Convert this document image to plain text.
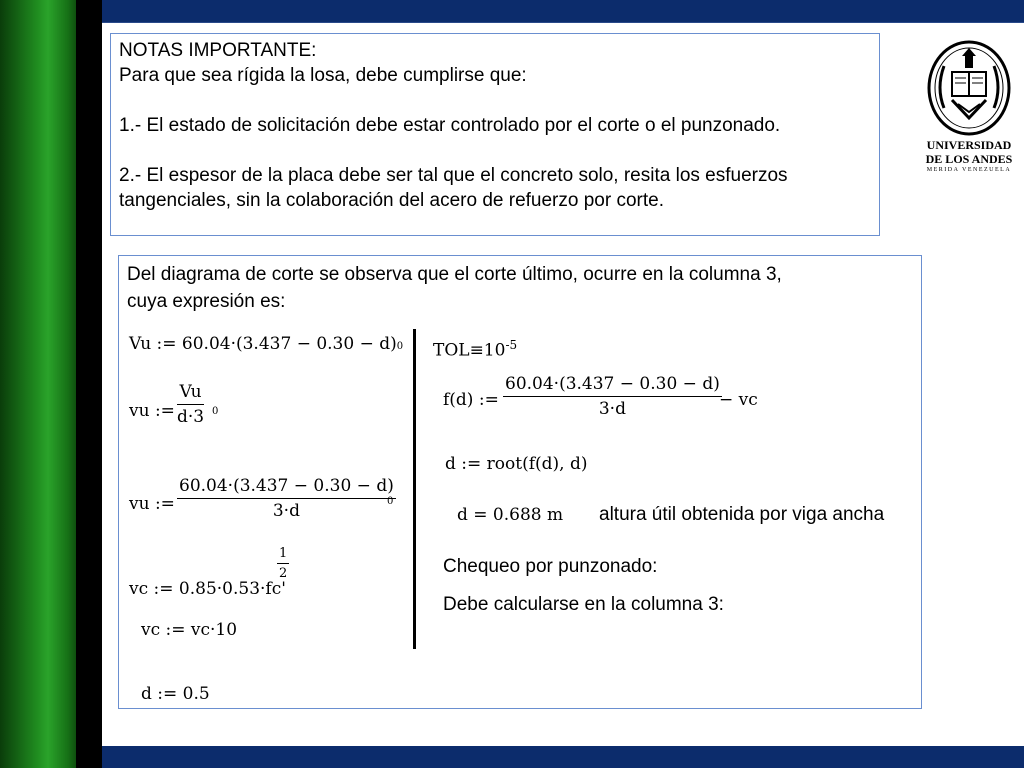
NOTAS IMPORTANTE:

Para que sea rígida la losa, debe cumplirse que:

1.- El estado de solicitación debe estar controlado por el corte o el punzonado.

2.- El espesor de la placa debe ser tal que el concreto solo, resita los esfuerzos

tangenciales, sin la colaboración del acero de refuerzo por corte.

Del diagrama de corte se observa que el corte último, ocurre en la columna 3,
cuya expresión es:
Vu := 60.04·(3.437 − 0.30 − d)0
vu :=
Vu
d·3 0
vu :=
60.04·(3.437 − 0.30 − d)
3·d	0
vc := 0.85·0.53·fc'
1
2
vc := vc·10
d := 0.5
$TOL\equiv 10^{-5}$
f(d) :=
60.04·(3.437 − 0.30 − d)
3·d	− vc
d := root(f(d), d)
d = 0.688 m altura útil obtenida por viga ancha
Chequeo por punzonado:
Debe calcularse en la columna 3:
UNIVERSIDAD
DE LOS ANDES
MERIDA VENEZUELA
